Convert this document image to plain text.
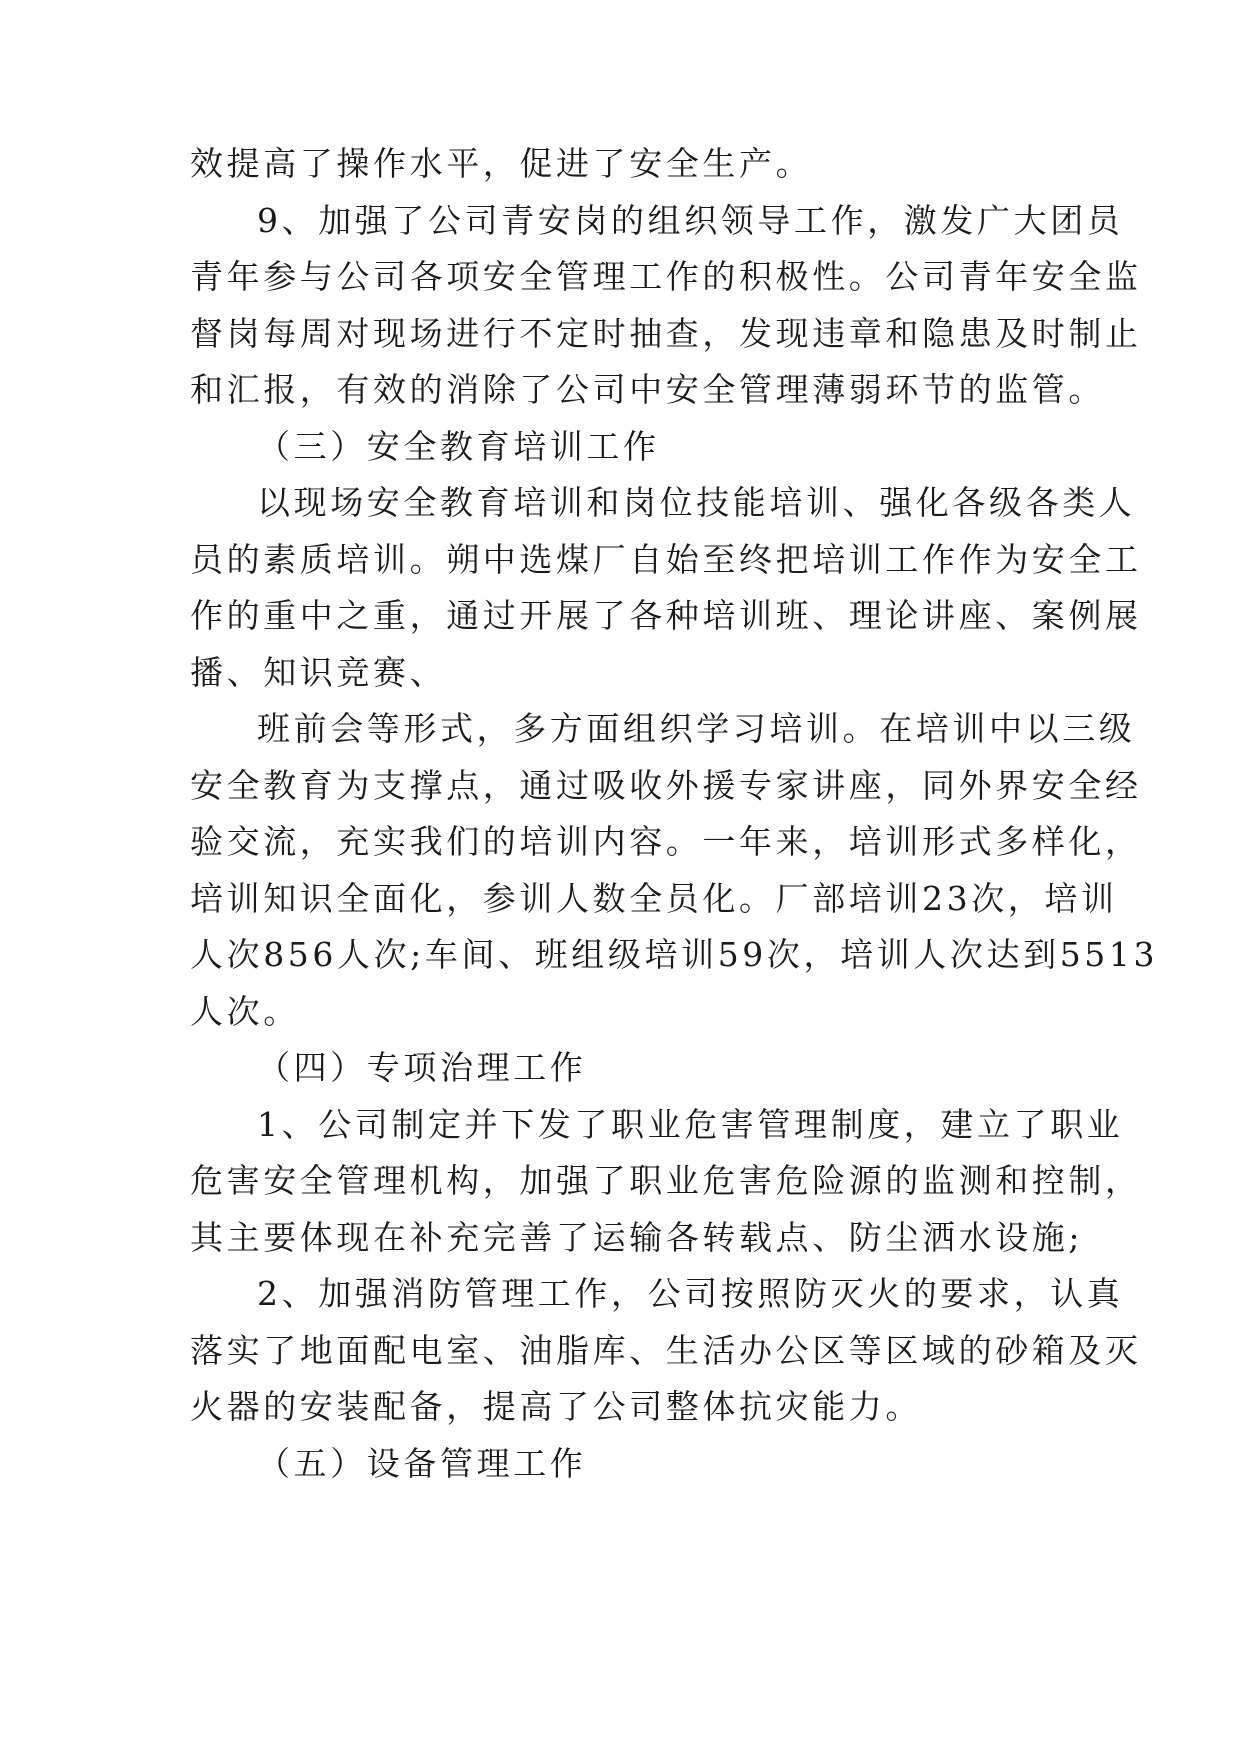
效提高了操作水平，促进了安全生产。
9、加强了公司青安岗的组织领导工作，激发广大团员
青年参与公司各项安全管理工作的积极性。公司青年安全监
督岗每周对现场进行不定时抽查，发现违章和隐患及时制止
和汇报，有效的消除了公司中安全管理薄弱环节的监管。
（三）安全教育培训工作
以现场安全教育培训和岗位技能培训、强化各级各类人
员的素质培训。朔中选煤厂自始至终把培训工作作为安全工
作的重中之重，通过开展了各种培训班、理论讲座、案例展
播、知识竞赛、
班前会等形式，多方面组织学习培训。在培训中以三级
安全教育为支撑点，通过吸收外援专家讲座，同外界安全经
验交流，充实我们的培训内容。一年来，培训形式多样化，
培训知识全面化，参训人数全员化。厂部培训23次，培训
人次856人次;车间、班组级培训59次，培训人次达到5513
人次。
（四）专项治理工作
1、公司制定并下发了职业危害管理制度，建立了职业
危害安全管理机构，加强了职业危害危险源的监测和控制，
其主要体现在补充完善了运输各转载点、防尘洒水设施;
2、加强消防管理工作，公司按照防灭火的要求，认真
落实了地面配电室、油脂库、生活办公区等区域的砂箱及灭
火器的安装配备，提高了公司整体抗灾能力。
（五）设备管理工作
